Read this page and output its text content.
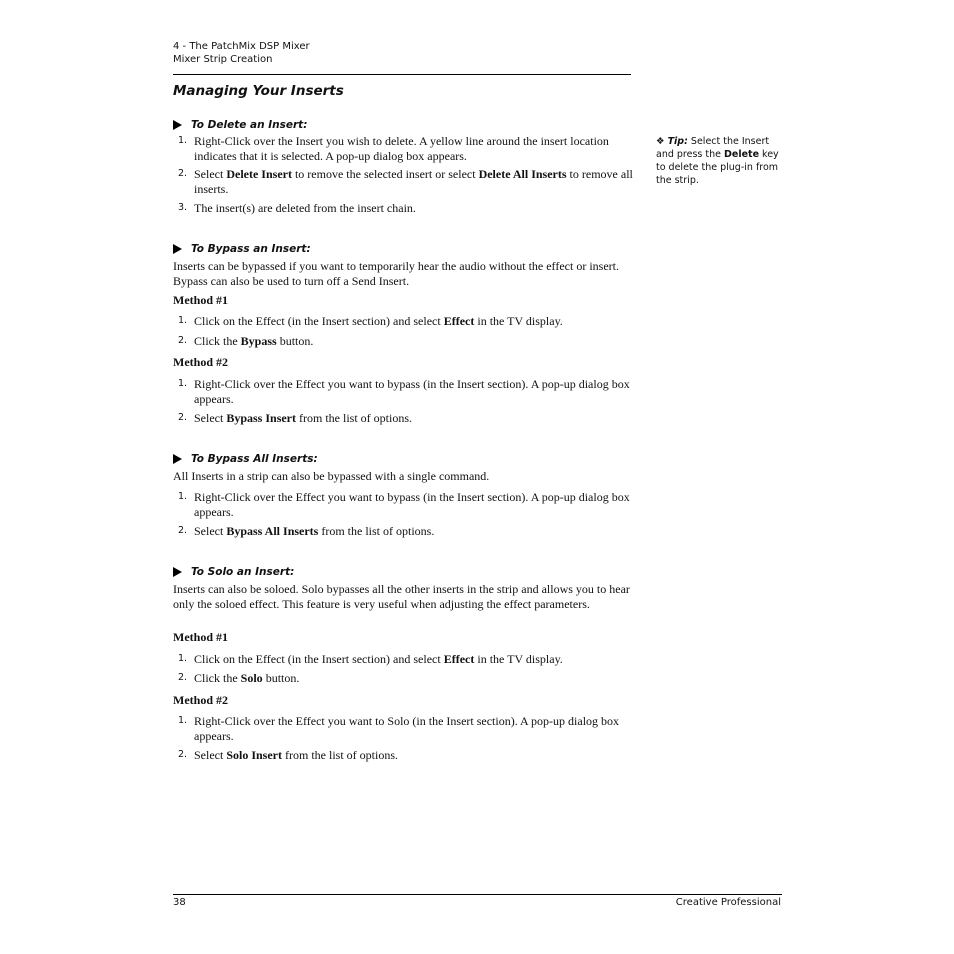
4 - The PatchMix DSP Mixer
Mixer Strip Creation
Managing Your Inserts
To Delete an Insert:
1. Right-Click over the Insert you wish to delete. A yellow line around the insert location indicates that it is selected. A pop-up dialog box appears.
2. Select Delete Insert to remove the selected insert or select Delete All Inserts to remove all inserts.
3. The insert(s) are deleted from the insert chain.
To Bypass an Insert:
Inserts can be bypassed if you want to temporarily hear the audio without the effect or insert. Bypass can also be used to turn off a Send Insert.
Method #1
1. Click on the Effect (in the Insert section) and select Effect in the TV display.
2. Click the Bypass button.
Method #2
1. Right-Click over the Effect you want to bypass (in the Insert section). A pop-up dialog box appears.
2. Select Bypass Insert from the list of options.
To Bypass All Inserts:
All Inserts in a strip can also be bypassed with a single command.
1. Right-Click over the Effect you want to bypass (in the Insert section). A pop-up dialog box appears.
2. Select Bypass All Inserts from the list of options.
To Solo an Insert:
Inserts can also be soloed. Solo bypasses all the other inserts in the strip and allows you to hear only the soloed effect. This feature is very useful when adjusting the effect parameters.
Method #1
1. Click on the Effect (in the Insert section) and select Effect in the TV display.
2. Click the Solo button.
Method #2
1. Right-Click over the Effect you want to Solo (in the Insert section). A pop-up dialog box appears.
2. Select Solo Insert from the list of options.
❖ Tip: Select the Insert and press the Delete key to delete the plug-in from the strip.
38	Creative Professional
